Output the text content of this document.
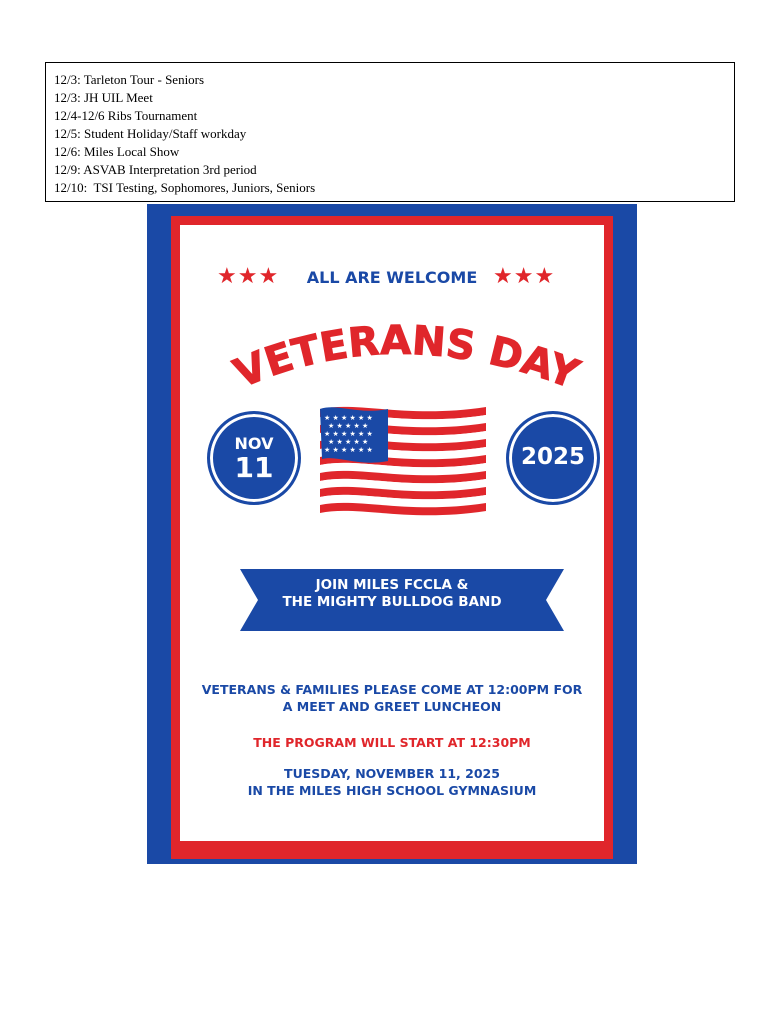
12/3: Tarleton Tour - Seniors
12/3: JH UIL Meet
12/4-12/6 Ribs Tournament
12/5: Student Holiday/Staff workday
12/6: Miles Local Show
12/9: ASVAB Interpretation 3rd period
12/10:  TSI Testing, Sophomores, Juniors, Seniors
★★★	ALL ARE WELCOME ★★★
VETERANS DAY
NOV
11
★ ★ ★ ★ ★ ★
★ ★ ★ ★ ★
★ ★ ★ ★ ★ ★
★ ★ ★ ★ ★
★ ★ ★ ★ ★ ★	2025
JOIN MILES FCCLA &
THE MIGHTY BULLDOG BAND
VETERANS & FAMILIES PLEASE COME AT 12:00PM FOR A MEET AND GREET LUNCHEON
THE PROGRAM WILL START AT 12:30PM
TUESDAY, NOVEMBER 11, 2025
IN THE MILES HIGH SCHOOL GYMNASIUM
